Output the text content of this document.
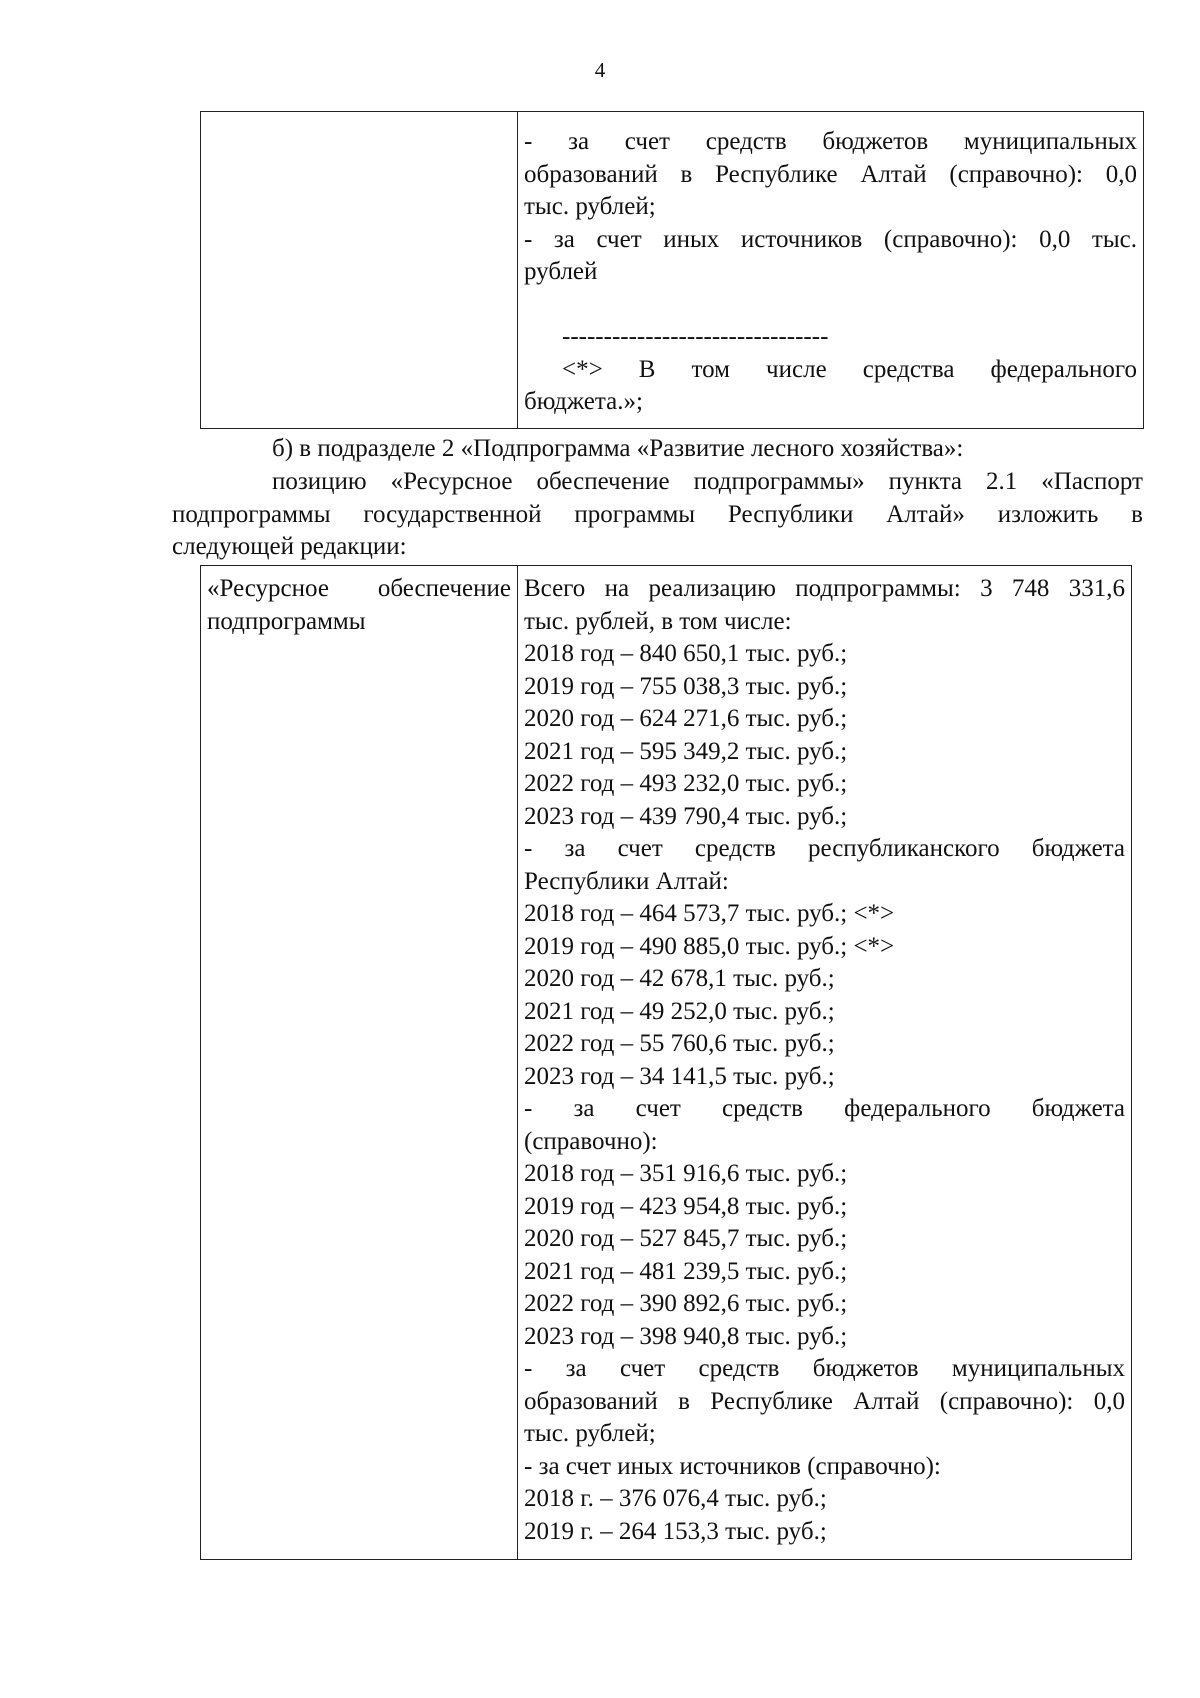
4

- за счет средств бюджетов муниципальных
образований в Республике Алтай (справочно): 0,0
тыс. рублей;
- за счет иных источников (справочно): 0,0 тыс.
рублей
--------------------------------
<*> В том числе средства федерального
бюджета.»;
б) в подразделе 2 «Подпрограмма «Развитие лесного хозяйства»:
позицию «Ресурсное обеспечение подпрограммы» пункта 2.1 «Паспорт
подпрограммы государственной программы Республики Алтай» изложить в
следующей редакции:
«Ресурсное обеспечение
подпрограммы

Всего на реализацию подпрограммы: 3 748 331,6
тыс. рублей, в том числе:
2018 год – 840 650,1 тыс. руб.;
2019 год – 755 038,3 тыс. руб.;
2020 год – 624 271,6 тыс. руб.;
2021 год – 595 349,2 тыс. руб.;
2022 год – 493 232,0 тыс. руб.;
2023 год – 439 790,4 тыс. руб.;
- за счет средств республиканского бюджета
Республики Алтай:
2018 год – 464 573,7 тыс. руб.; <*>
2019 год – 490 885,0 тыс. руб.; <*>
2020 год – 42 678,1 тыс. руб.;
2021 год – 49 252,0 тыс. руб.;
2022 год – 55 760,6 тыс. руб.;
2023 год – 34 141,5 тыс. руб.;
- за счет средств федерального бюджета
(справочно):
2018 год – 351 916,6 тыс. руб.;
2019 год – 423 954,8 тыс. руб.;
2020 год – 527 845,7 тыс. руб.;
2021 год – 481 239,5 тыс. руб.;
2022 год – 390 892,6 тыс. руб.;
2023 год – 398 940,8 тыс. руб.;
- за счет средств бюджетов муниципальных
образований в Республике Алтай (справочно): 0,0
тыс. рублей;
- за счет иных источников (справочно):
2018 г. – 376 076,4 тыс. руб.;
2019 г. – 264 153,3 тыс. руб.;
